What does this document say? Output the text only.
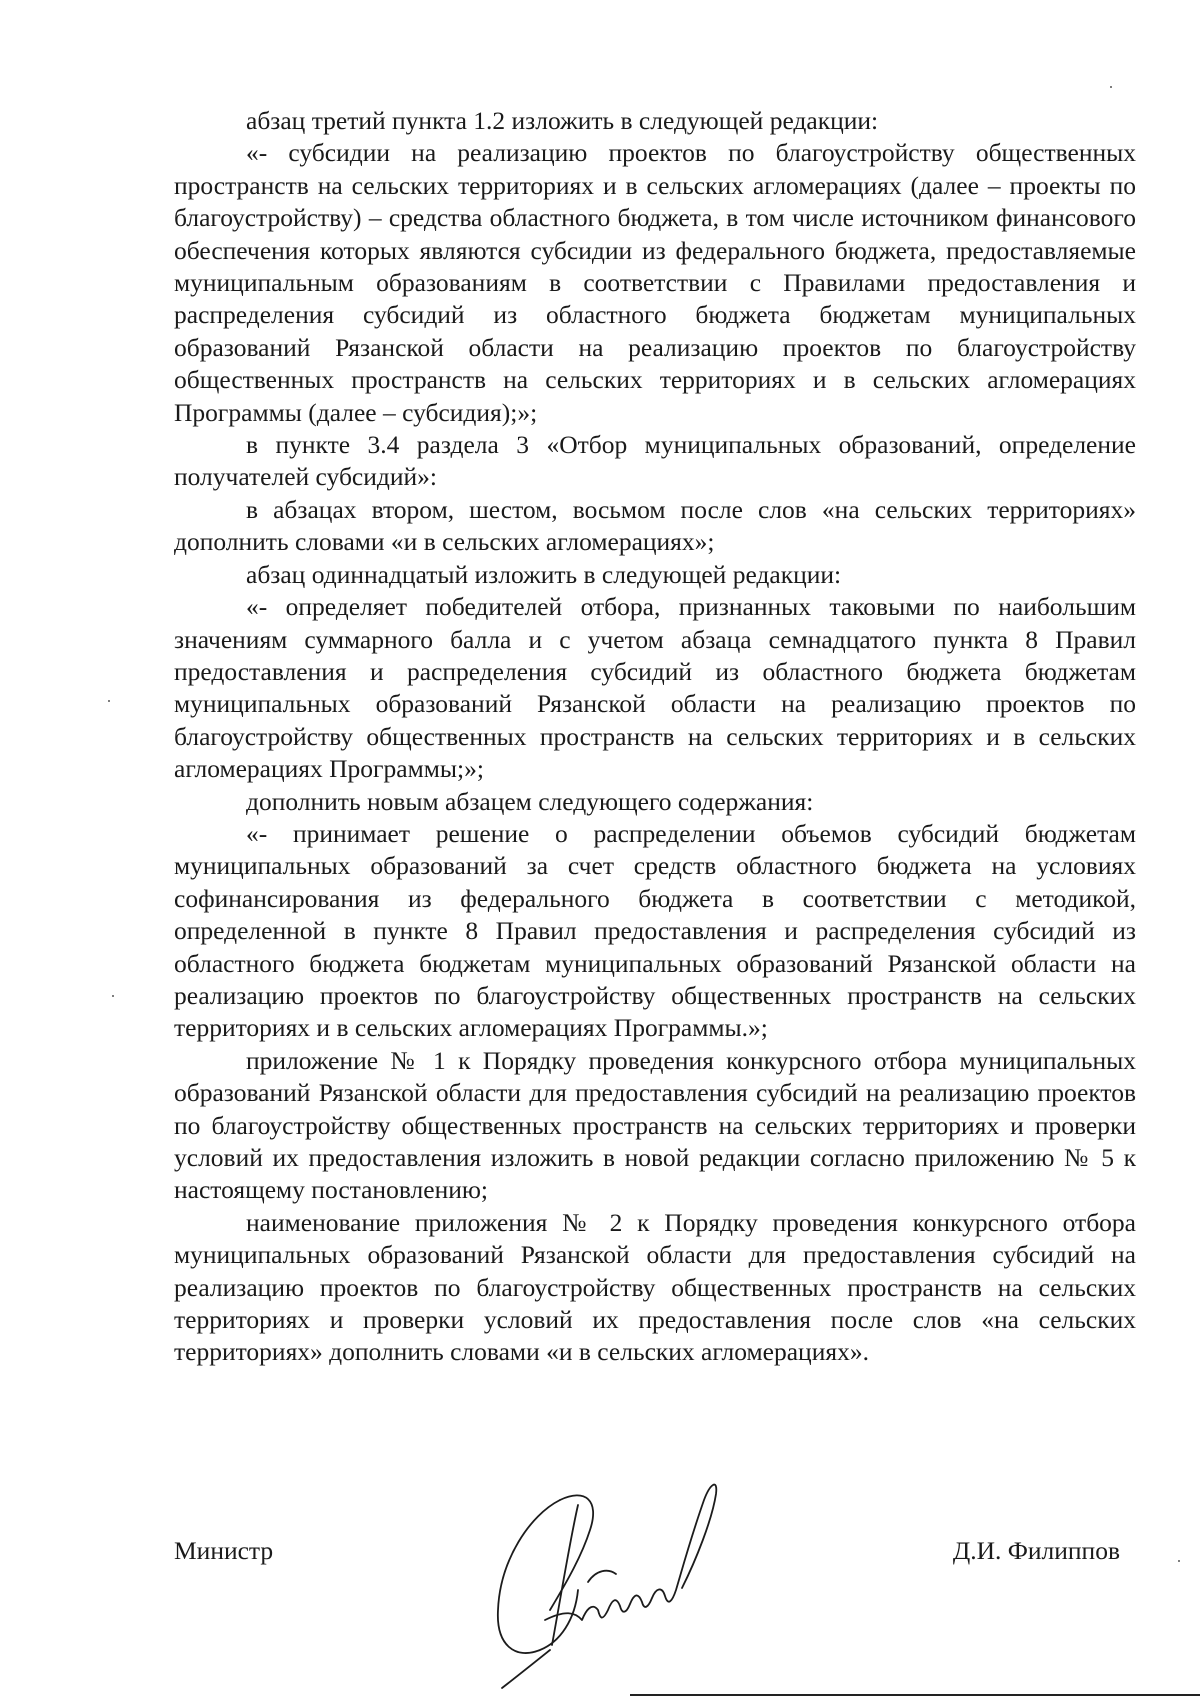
абзац третий пункта 1.2 изложить в следующей редакции:

«- субсидии на реализацию проектов по благоустройству общественных пространств на сельских территориях и в сельских агломерациях (далее – проекты по благоустройству) – средства областного бюджета, в том числе источником финансового обеспечения которых являются субсидии из федерального бюджета, предоставляемые муниципальным образованиям в соответствии с Правилами предоставления и распределения субсидий из областного бюджета бюджетам муниципальных образований Рязанской области на реализацию проектов по благоустройству общественных пространств на сельских территориях и в сельских агломерациях Программы (далее – субсидия);»;

в пункте 3.4 раздела 3 «Отбор муниципальных образований, определение получателей субсидий»:

в абзацах втором, шестом, восьмом после слов «на сельских территориях» дополнить словами «и в сельских агломерациях»;

абзац одиннадцатый изложить в следующей редакции:

«- определяет победителей отбора, признанных таковыми по наибольшим значениям суммарного балла и с учетом абзаца семнадцатого пункта 8 Правил предоставления и распределения субсидий из областного бюджета бюджетам муниципальных образований Рязанской области на реализацию проектов по благоустройству общественных пространств на сельских территориях и в сельских агломерациях Программы;»;

дополнить новым абзацем следующего содержания:

«- принимает решение о распределении объемов субсидий бюджетам муниципальных образований за счет средств областного бюджета на условиях софинансирования из федерального бюджета в соответствии с методикой, определенной в пункте 8 Правил предоставления и распределения субсидий из областного бюджета бюджетам муниципальных образований Рязанской области на реализацию проектов по благоустройству общественных пространств на сельских территориях и в сельских агломерациях Программы.»;

приложение № 1 к Порядку проведения конкурсного отбора муниципальных образований Рязанской области для предоставления субсидий на реализацию проектов по благоустройству общественных пространств на сельских территориях и проверки условий их предоставления изложить в новой редакции согласно приложению № 5 к настоящему постановлению;

наименование приложения № 2 к Порядку проведения конкурсного отбора муниципальных образований Рязанской области для предоставления субсидий на реализацию проектов по благоустройству общественных пространств на сельских территориях и проверки условий их предоставления после слов «на сельских территориях» дополнить словами «и в сельских агломерациях».

Министр	Д.И. Филиппов
